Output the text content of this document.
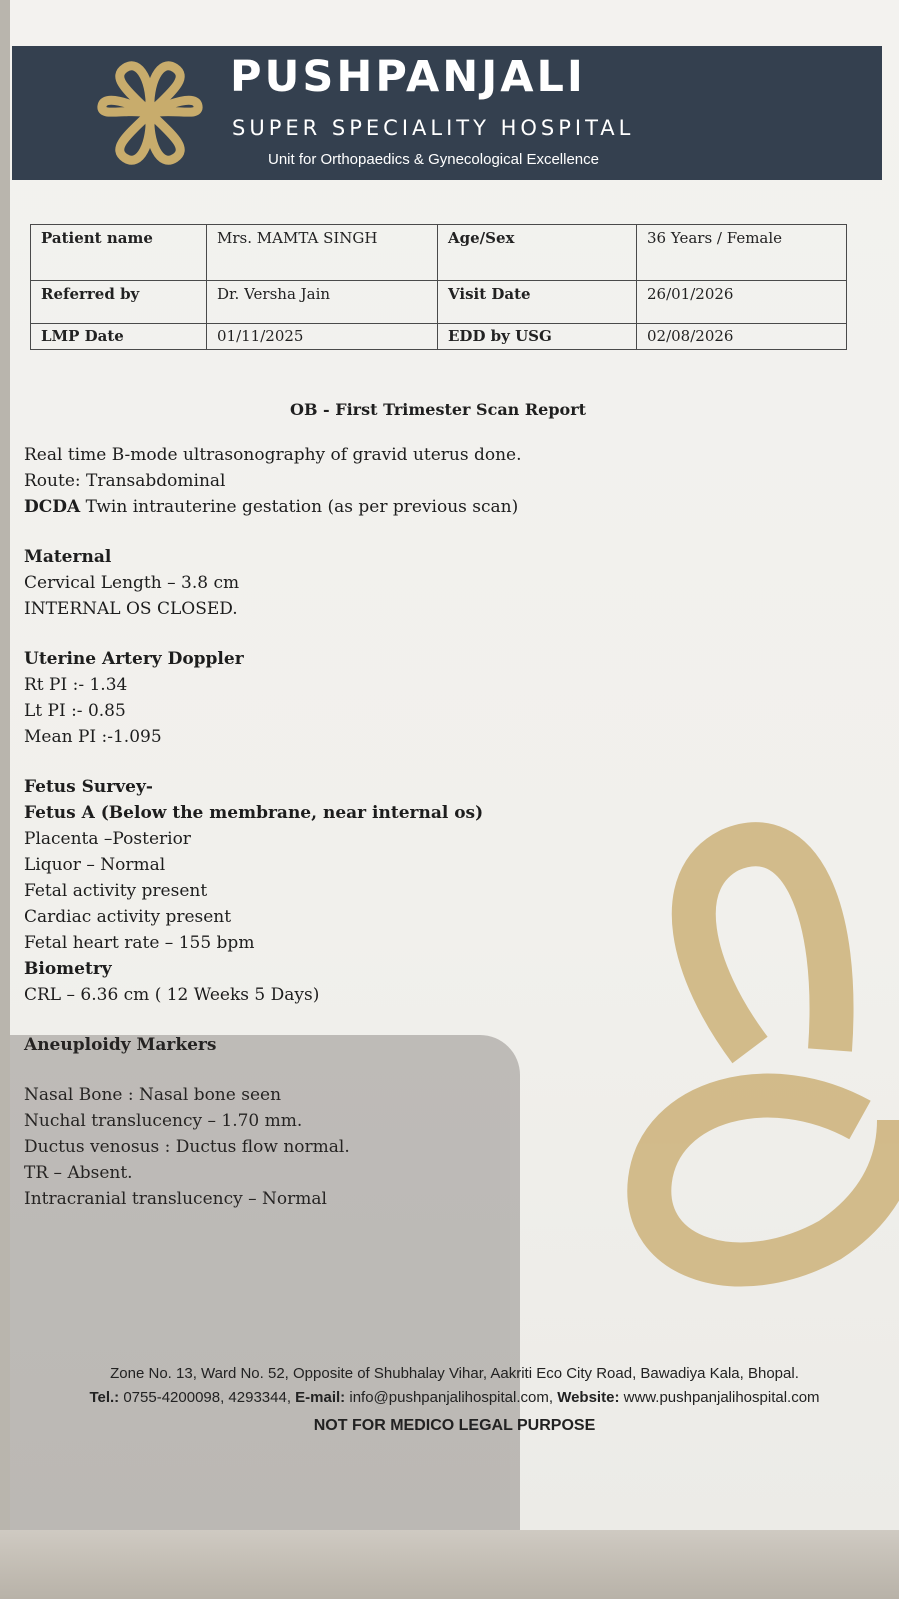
PUSHPANJALI
SUPER SPECIALITY HOSPITAL
Unit for Orthopaedics & Gynecological Excellence
Patient name	Mrs. MAMTA SINGH	Age/Sex	36 Years / Female
Referred by	Dr. Versha Jain	Visit Date	26/01/2026
LMP Date	01/11/2025	EDD by USG	02/08/2026
OB - First Trimester Scan Report
Real time B-mode ultrasonography of gravid uterus done.
Route: Transabdominal
DCDA Twin intrauterine gestation (as per previous scan)
Maternal
Cervical Length – 3.8 cm
INTERNAL OS CLOSED.
Uterine Artery Doppler
Rt PI :- 1.34
Lt PI :- 0.85
Mean PI :-1.095
Fetus Survey-
Fetus A (Below the membrane, near internal os)
Placenta –Posterior
Liquor – Normal
Fetal activity present
Cardiac activity present
Fetal heart rate – 155 bpm
Biometry
CRL – 6.36 cm ( 12 Weeks 5 Days)
Aneuploidy Markers
Nasal Bone : Nasal bone seen
Nuchal translucency – 1.70 mm.
Ductus venosus : Ductus flow normal.
TR – Absent.
Intracranial translucency – Normal
Zone No. 13, Ward No. 52, Opposite of Shubhalay Vihar, Aakriti Eco City Road, Bawadiya Kala, Bhopal.
Tel.: 0755-4200098, 4293344, E-mail: info@pushpanjalihospital.com, Website: www.pushpanjalihospital.com
NOT FOR MEDICO LEGAL PURPOSE
